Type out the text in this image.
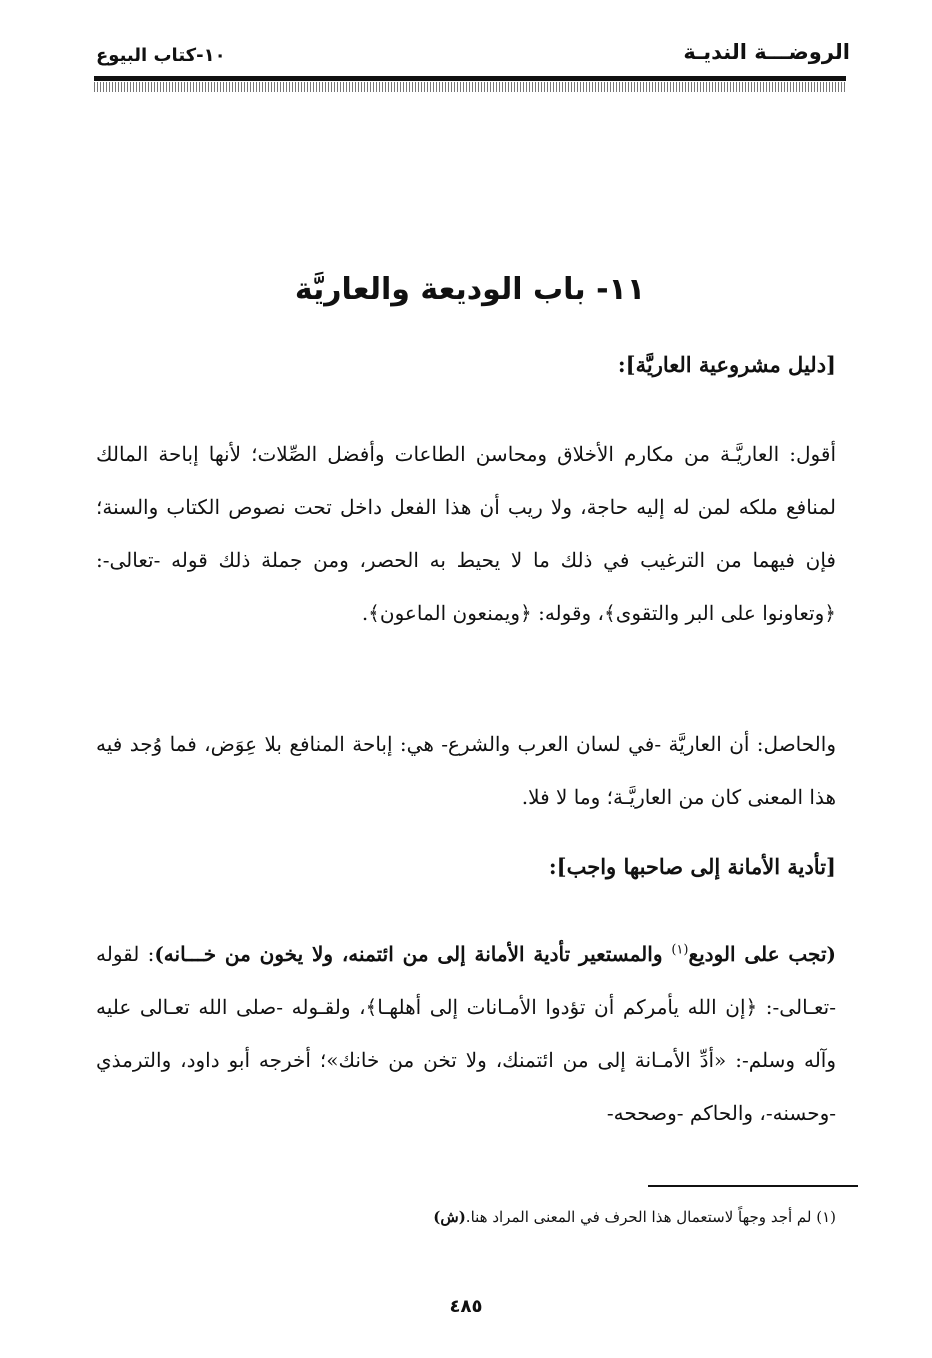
الروضـــة النديـة
١٠-كتاب البيوع
١١- باب الوديعة والعاريَّة
[دليل مشروعية العاريَّة]:
أقول: العاريَّـة من مكارم الأخلاق ومحاسن الطاعات وأفضل الصِّلات؛ لأنها إباحة المالك لمنافع ملكه لمن له إليه حاجة، ولا ريب أن هذا الفعل داخل تحت نصوص الكتاب والسنة؛ فإن فيهما من الترغيب في ذلك ما لا يحيط به الحصر، ومن جملة ذلك قوله -تعالى-: ﴿وتعاونوا على البر والتقوى﴾، وقوله: ﴿ويمنعون الماعون﴾.
والحاصل: أن العاريَّة -في لسان العرب والشرع- هي: إباحة المنافع بلا عِوَض، فما وُجد فيه هذا المعنى كان من العاريَّـة؛ وما لا فلا.
[تأدية الأمانة إلى صاحبها واجب]:
(تجب على الوديع$^{(١)}$ والمستعير تأدية الأمانة إلى من ائتمنه، ولا يخون من خـــانه): لقوله -تعـالى-: ﴿إن الله يأمركم أن تؤدوا الأمـانات إلى أهلهـا﴾، ولقـوله -صلى الله تعـالى عليه وآله وسلم-: «أدِّ الأمـانة إلى من ائتمنك، ولا تخن من خانك»؛ أخرجه أبو داود، والترمذي -وحسنه-، والحاكم -وصححه-
(١) لم أجد وجهاً لاستعمال هذا الحرف في المعنى المراد هنا.(ش)
٤٨٥
